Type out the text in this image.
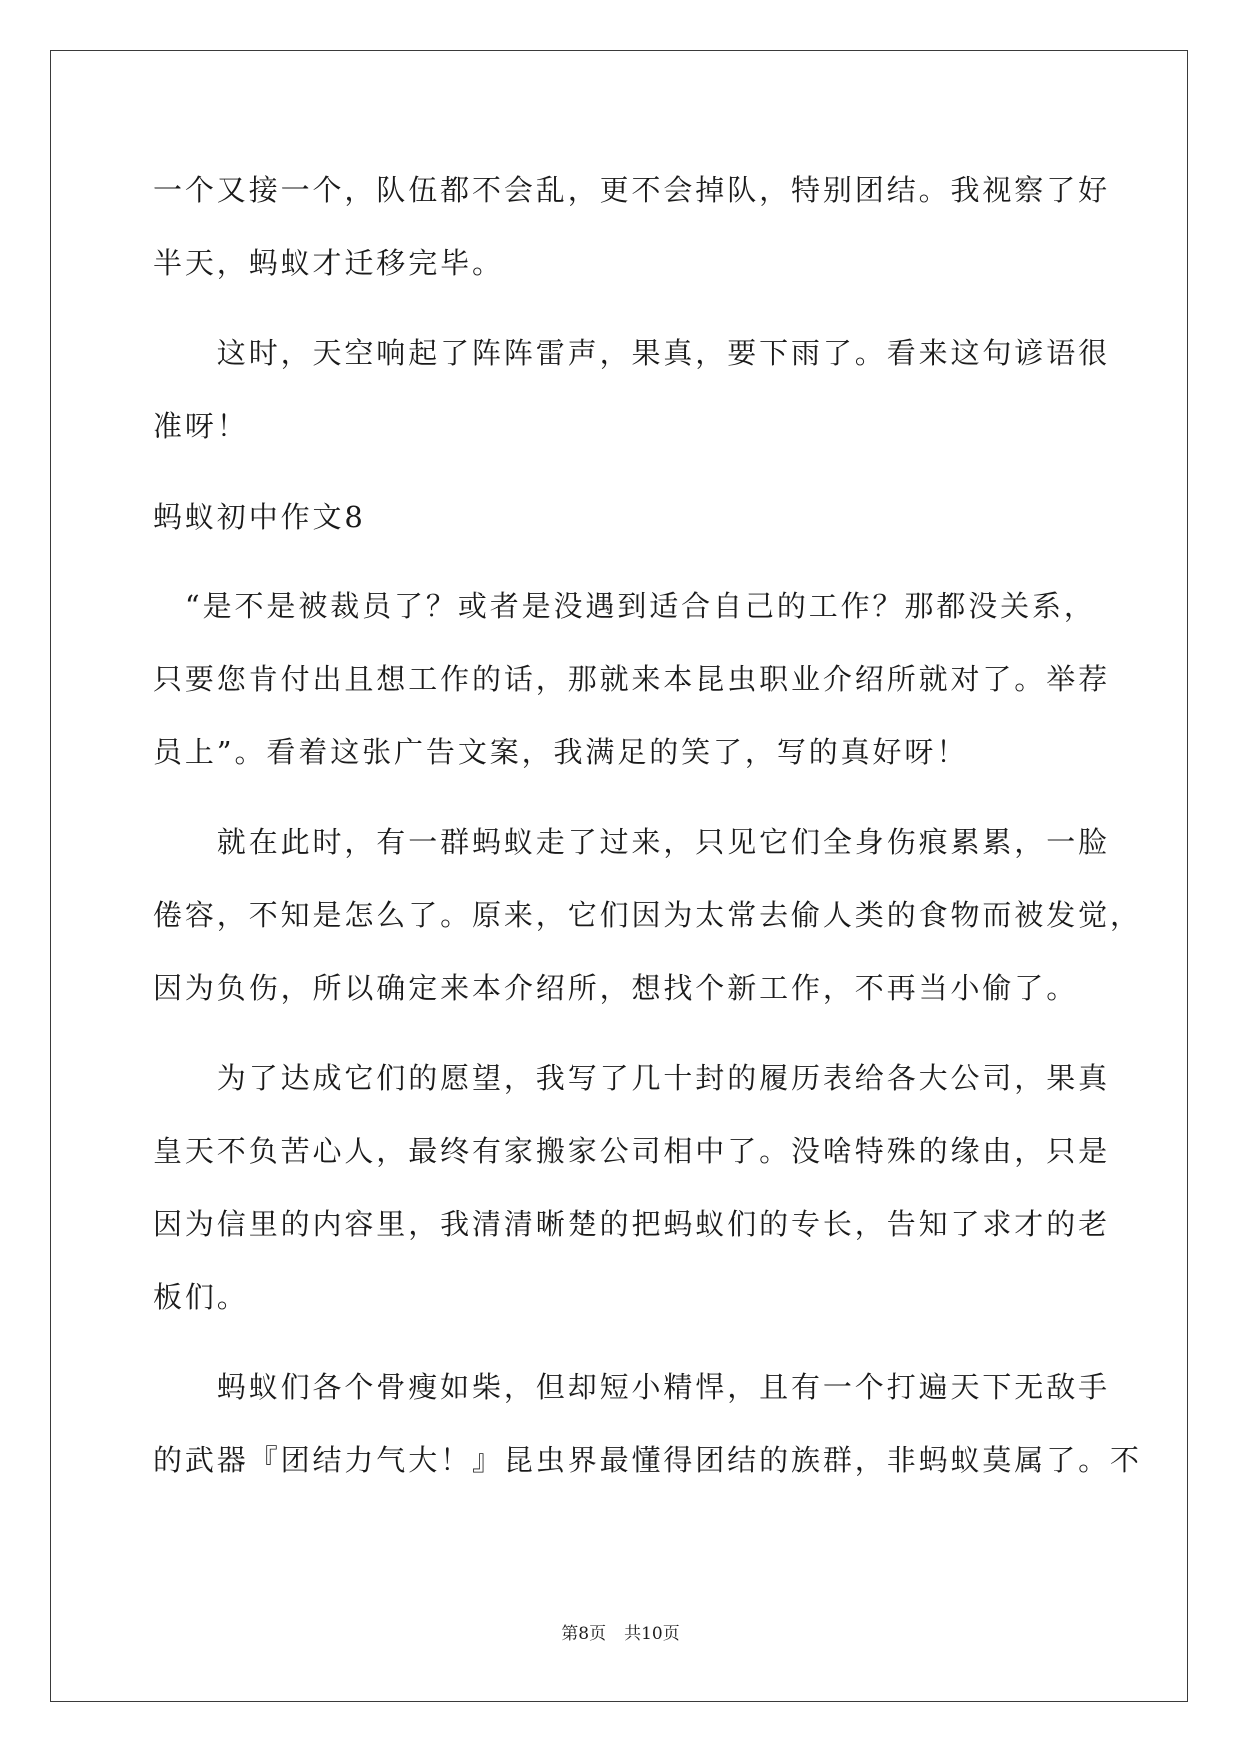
一个又接一个，队伍都不会乱，更不会掉队，特别团结。我视察了好
半天，蚂蚁才迁移完毕。
　　这时，天空响起了阵阵雷声，果真，要下雨了。看来这句谚语很
准呀！
蚂蚁初中作文8
　“是不是被裁员了？或者是没遇到适合自己的工作？那都没关系，
只要您肯付出且想工作的话，那就来本昆虫职业介绍所就对了。举荐
员上”。看着这张广告文案，我满足的笑了，写的真好呀！
　　就在此时，有一群蚂蚁走了过来，只见它们全身伤痕累累，一脸
倦容，不知是怎么了。原来，它们因为太常去偷人类的食物而被发觉，
因为负伤，所以确定来本介绍所，想找个新工作，不再当小偷了。
　　为了达成它们的愿望，我写了几十封的履历表给各大公司，果真
皇天不负苦心人，最终有家搬家公司相中了。没啥特殊的缘由，只是
因为信里的内容里，我清清晰楚的把蚂蚁们的专长，告知了求才的老
板们。
　　蚂蚁们各个骨瘦如柴，但却短小精悍，且有一个打遍天下无敌手
的武器『团结力气大！』昆虫界最懂得团结的族群，非蚂蚁莫属了。不
第8页 共10页
